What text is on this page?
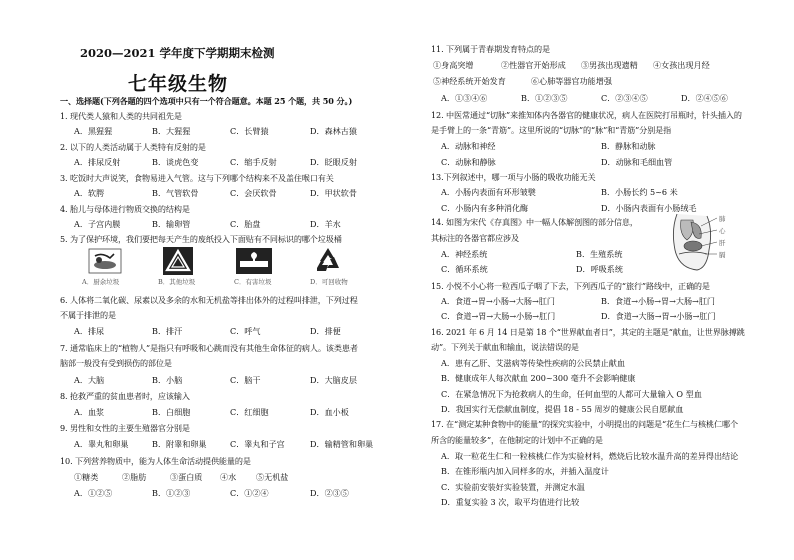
2020—2021 学年度下学期期末检测
七年级生物
一、选择题(下列各题的四个选项中只有一个符合题意。本题 25 个题，共 50 分。)
1. 现代类人猿和人类的共同祖先是
A．黑猩猩	B．大猩猩	C．长臂猿	D．森林古猿
2. 以下的人类活动属于人类特有反射的是
A．排尿反射	B．谈虎色变	C．缩手反射	D．眨眼反射
3. 吃饭时大声说笑，食物易进入气管。这与下列哪个结构来不及盖住喉口有关
A．软腭	B．气管软骨	C．会厌软骨	D．甲状软骨
4. 胎儿与母体进行物质交换的结构是
A．子宫内膜	B．输卵管	C．胎盘	D．羊水
5. 为了保护环境，我们要把每天产生的废纸投入下面贴有不同标识的哪个垃圾桶
A．厨余垃圾	B．其他垃圾	C．有害垃圾	D．可回收物
6. 人体将二氧化碳、尿素以及多余的水和无机盐等排出体外的过程叫排泄，下列过程
不属于排泄的是
A．排尿	B．排汗	C．呼气	D．排便
7. 通常临床上的“植物人”是指只有呼吸和心跳而没有其他生命体征的病人。该类患者
脑部一般没有受到损伤的部位是
A．大脑	B．小脑	C．脑干	D．大脑皮层
8. 抢救严重的贫血患者时，应该输入
A．血浆	B．白细胞	C．红细胞	D．血小板
9. 男性和女性的主要生殖器官分别是
A．睾丸和卵巢	B．附睾和卵巢	C．睾丸和子宫	D．输精管和卵巢
10. 下列营养物质中，能为人体生命活动提供能量的是
①糖类	②脂肪	③蛋白质 ④水 ⑤无机盐
A．①②⑤	B．①②③	C．①②④	D．②③⑤
11. 下列属于青春期发育特点的是
①身高突增	②性器官开始形成 ③男孩出现遗精 ④女孩出现月经
⑤神经系统开始发育	⑥心肺等器官功能增强
A．①③④⑥	B．①②③⑤	C．②③④⑤	D．②④⑤⑥
12. 中医常通过“切脉”来推知体内各器官的健康状况，病人在医院打吊瓶时，针头插入的
是手臂上的一条“青筋”。这里所说的“切脉”的“脉”和“青筋”分别是指
A．动脉和神经	B．静脉和动脉
C．动脉和静脉	D．动脉和毛细血管
13.下列叙述中，哪一项与小肠的吸收功能无关
A．小肠内表面有环形皱襞	B．小肠长约 5~6 米
C．小肠内有多种消化酶	D．小肠内表面有小肠绒毛
14. 如图为宋代《存真图》中一幅人体解剖图的部分信息，
其标注的各器官都应涉及
A．神经系统	B．生殖系统
C．循环系统	D．呼吸系统
肺
心
肝
膈
15. 小悦不小心将一粒西瓜子咽了下去，下列西瓜子的“旅行”路线中，正确的是
A．食道→胃→小肠→大肠→肛门	B．食道→小肠→胃→大肠→肛门
C．食道→胃→大肠→小肠→肛门	D．食道→大肠→胃→小肠→肛门
16. 2021 年 6 月 14 日是第 18 个“世界献血者日”，其定的主题是“献血，让世界脉搏跳
动”。下列关于献血和输血，说法错误的是
A．患有乙肝、艾滋病等传染性疾病的公民禁止献血
B．健康成年人每次献血 200~300 毫升不会影响健康
C．在紧急情况下为抢救病人的生命，任何血型的人都可大量输入 O 型血
D．我国实行无偿献血制度，提倡 18 - 55 周岁的健康公民自愿献血
17. 在“测定某种食物中的能量”的探究实验中，小明提出的问题是“花生仁与核桃仁哪个
所含的能量较多”，在他制定的计划中不正确的是
A．取一粒花生仁和一粒核桃仁作为实验材料，燃烧后比较水温升高的差异得出结论
B．在锥形瓶内加入同样多的水，并插入温度计
C．实验前安装好实验装置，并测定水温
D．重复实验 3 次，取平均值进行比较
